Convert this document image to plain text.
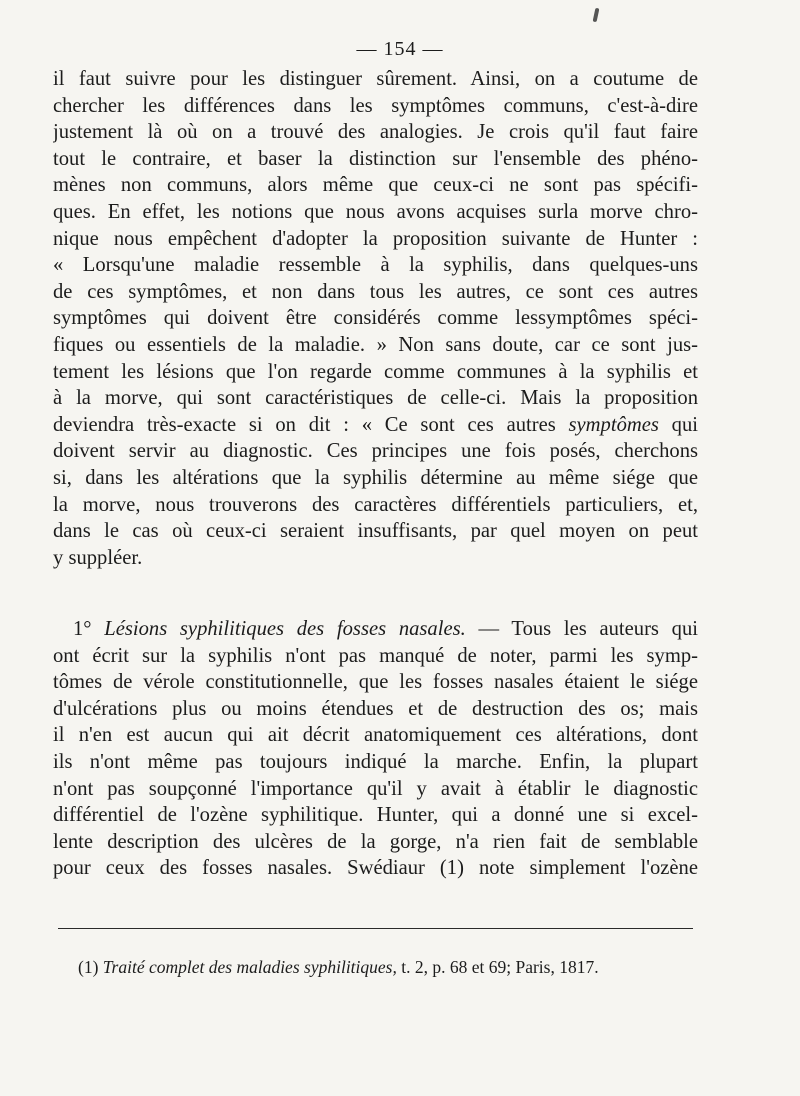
— 154 —
il faut suivre pour les distinguer sûrement. Ainsi, on a coutume de
chercher les différences dans les symptômes communs, c'est-à-dire
justement là où on a trouvé des analogies. Je crois qu'il faut faire
tout le contraire, et baser la distinction sur l'ensemble des phéno-
mènes non communs, alors même que ceux-ci ne sont pas spécifi-
ques. En effet, les notions que nous avons acquises surla morve chro-
nique nous empêchent d'adopter la proposition suivante de Hunter :
« Lorsqu'une maladie ressemble à la syphilis, dans quelques-uns
de ces symptômes, et non dans tous les autres, ce sont ces autres
symptômes qui doivent être considérés comme lessymptômes spéci-
fiques ou essentiels de la maladie. » Non sans doute, car ce sont jus-
tement les lésions que l'on regarde comme communes à la syphilis et
à la morve, qui sont caractéristiques de celle-ci. Mais la proposition
deviendra très-exacte si on dit : « Ce sont ces autres symptômes qui
doivent servir au diagnostic. Ces principes une fois posés, cherchons
si, dans les altérations que la syphilis détermine au même siége que
la morve, nous trouverons des caractères différentiels particuliers, et,
dans le cas où ceux-ci seraient insuffisants, par quel moyen on peut
y suppléer.
1° Lésions syphilitiques des fosses nasales. — Tous les auteurs qui
ont écrit sur la syphilis n'ont pas manqué de noter, parmi les symp-
tômes de vérole constitutionnelle, que les fosses nasales étaient le siége
d'ulcérations plus ou moins étendues et de destruction des os; mais
il n'en est aucun qui ait décrit anatomiquement ces altérations, dont
ils n'ont même pas toujours indiqué la marche. Enfin, la plupart
n'ont pas soupçonné l'importance qu'il y avait à établir le diagnostic
différentiel de l'ozène syphilitique. Hunter, qui a donné une si excel-
lente description des ulcères de la gorge, n'a rien fait de semblable
pour ceux des fosses nasales. Swédiaur (1) note simplement l'ozène
(1) Traité complet des maladies syphilitiques, t. 2, p. 68 et 69; Paris, 1817.
